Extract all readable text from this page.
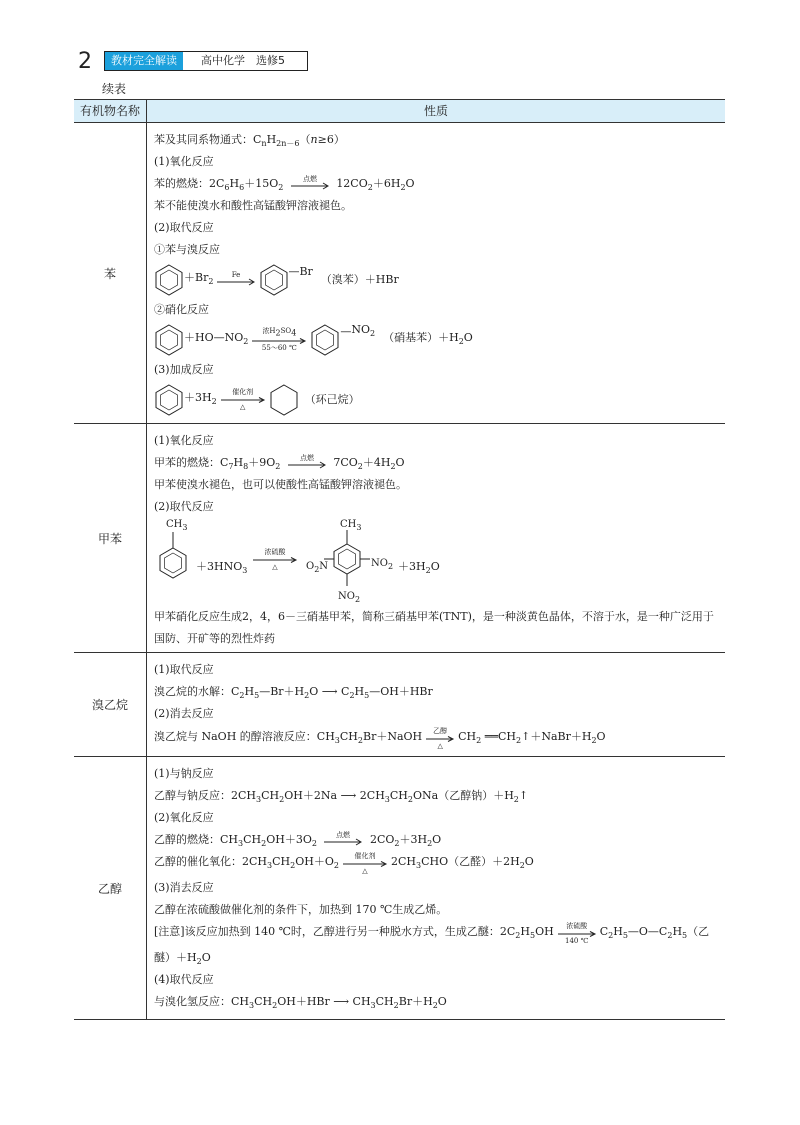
2	教材完全解读	高中化学　选修5
续表
有机物名称	性质
苯
苯及其同系物通式：$C_nH_{2n-6}(n\ge 6)$
(1)氧化反应
苯的燃烧：$2C_6H_6+15O_2$
点燃 $12CO_2+6H_2O$
苯不能使溴水和酸性高锰酸钾溶液褪色。
(2)取代反应
①苯与溴反应
$+Br_2$
Fe	— Br
（溴苯）＋HBr
②硝化反应
$+HO—NO_2$
浓$H_2SO_4$
55～60 ℃
— $NO_2$ （硝基苯）$+H_2O$
(3)加成反应
$+3H_2$
催化剂
△
（环己烷）
甲苯
(1)氧化反应
甲苯的燃烧：$C_7H_8+9O_2$
点燃 $7CO_2+4H_2O$
甲苯使溴水褪色，也可以使酸性高锰酸钾溶液褪色。
(2)取代反应
$CH_3$
$+3HNO_3$
浓硫酸
△	$O_2N$
$CH_3$
$NO_2$
$NO_2$
$+3H_2O$
甲苯硝化反应生成2，4，6－三硝基甲苯，简称三硝基甲苯(TNT)，是一种淡黄色晶体，不溶于水，是一种广泛用于国防、开矿等的烈性炸药
溴乙烷
(1)取代反应
溴乙烷的水解：$C_2H_5—Br+H_2O$ ⟶ $C_2H_5—OH+HBr$
(2)消去反应
溴乙烷与 NaOH 的醇溶液反应：$CH_3CH_2Br+NaOH$ 乙醇
△
$CH_2$ $══CH_2↑+NaBr+H_2O$
乙醇
(1)与钠反应
乙醇与钠反应：$2CH_3CH_2OH+2Na$ ⟶ $2CH_3CH_2ONa$（乙醇钠）$+H_2↑$
(2)氧化反应
乙醇的燃烧：$CH_3CH_2OH+3O_2$
点燃 $2CO_2+3H_2O$
乙醇的催化氧化：$2CH_3CH_2OH+O_2$
催化剂
△
$2CH_3CHO$（乙醛）$+2H_2O$
(3)消去反应
乙醇在浓硫酸做催化剂的条件下，加热到 170 ℃生成乙烯。
[注意]该反应加热到 140 ℃时，乙醇进行另一种脱水方式，生成乙醚：$2C_2H_5OH$ 浓硫酸
140 ℃
$C_2H_5—O—C_2H_5$（乙
醚）$+H_2O$
(4)取代反应
与溴化氢反应：$CH_3CH_2OH+HBr$ ⟶ $CH_3CH_2Br+H_2O$
